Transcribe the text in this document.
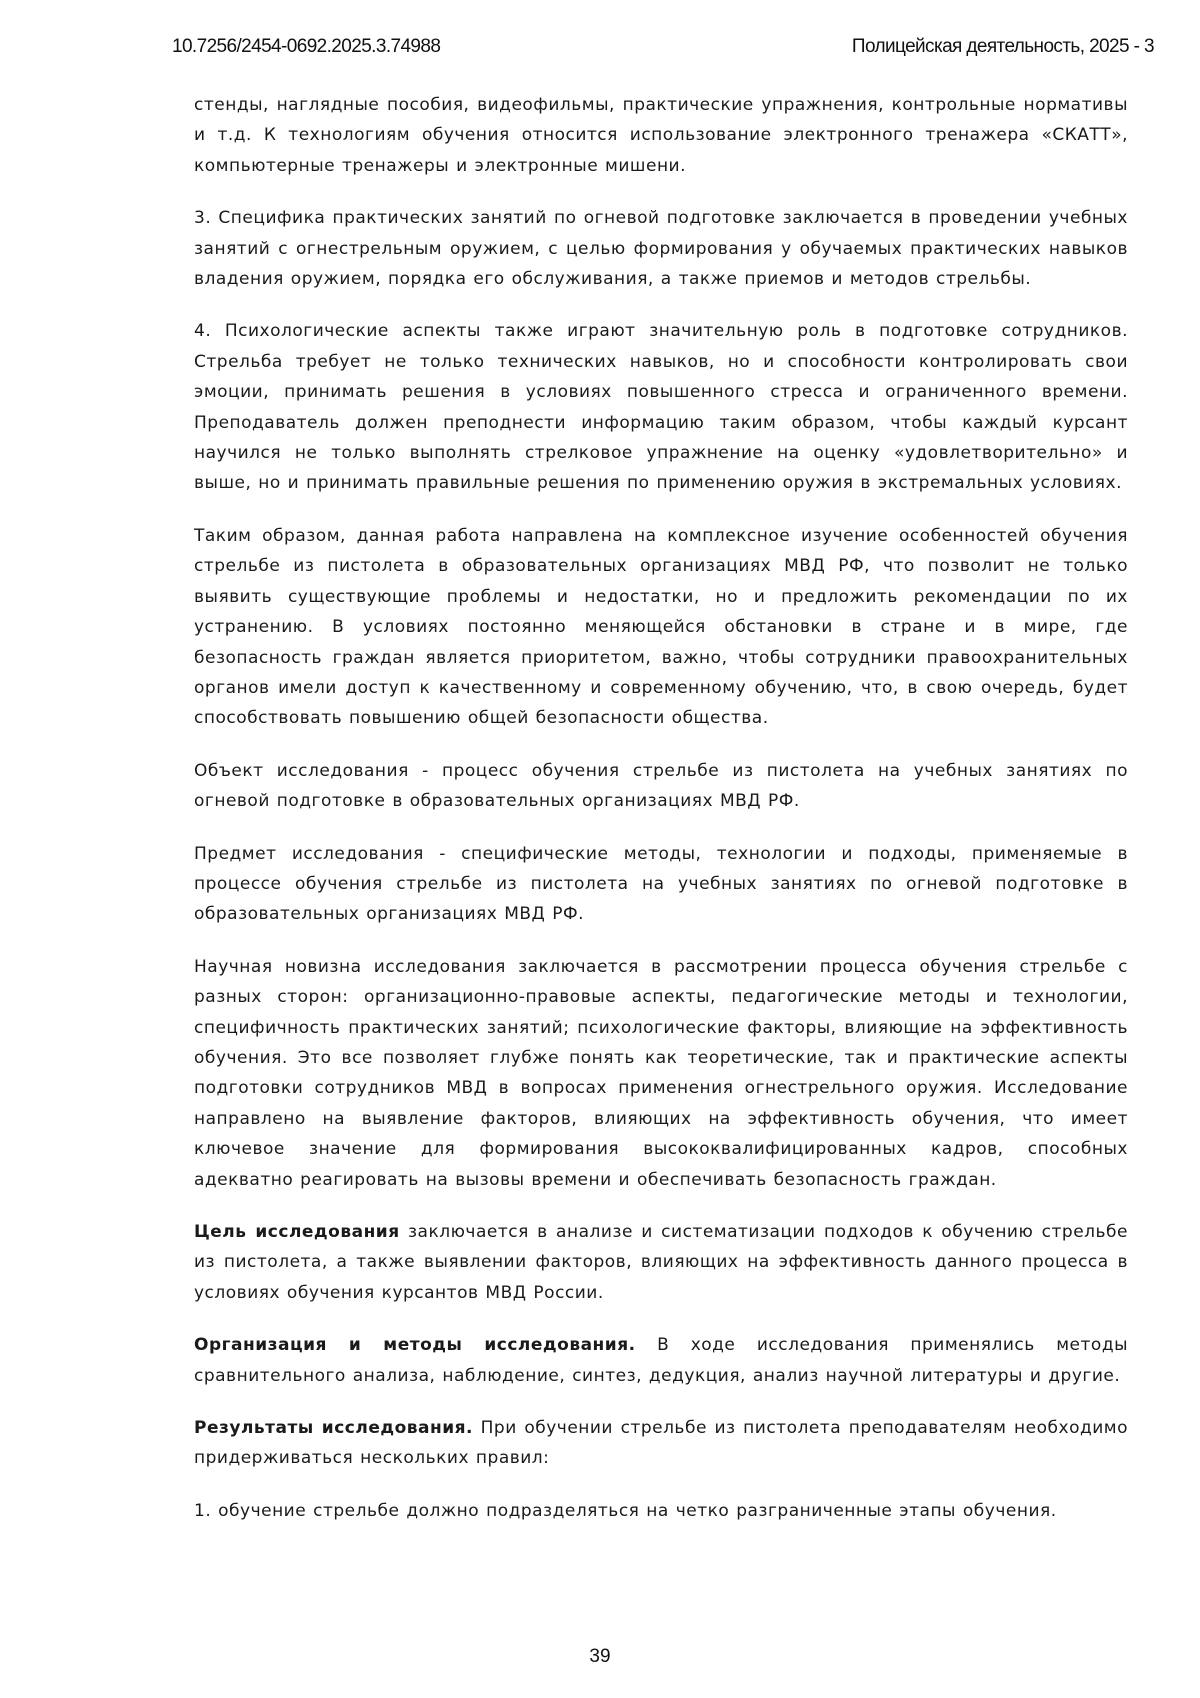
10.7256/2454-0692.2025.3.74988	Полицейская деятельность, 2025 - 3

стенды, наглядные пособия, видеофильмы, практические упражнения, контрольные нормативы и т.д. К технологиям обучения относится использование электронного тренажера «СКАТТ», компьютерные тренажеры и электронные мишени.

3. Специфика практических занятий по огневой подготовке заключается в проведении учебных занятий с огнестрельным оружием, с целью формирования у обучаемых практических навыков владения оружием, порядка его обслуживания, а также приемов и методов стрельбы.

4. Психологические аспекты также играют значительную роль в подготовке сотрудников. Стрельба требует не только технических навыков, но и способности контролировать свои эмоции, принимать решения в условиях повышенного стресса и ограниченного времени. Преподаватель должен преподнести информацию таким образом, чтобы каждый курсант научился не только выполнять стрелковое упражнение на оценку «удовлетворительно» и выше, но и принимать правильные решения по применению оружия в экстремальных условиях.

Таким образом, данная работа направлена на комплексное изучение особенностей обучения стрельбе из пистолета в образовательных организациях МВД РФ, что позволит не только выявить существующие проблемы и недостатки, но и предложить рекомендации по их устранению. В условиях постоянно меняющейся обстановки в стране и в мире, где безопасность граждан является приоритетом, важно, чтобы сотрудники правоохранительных органов имели доступ к качественному и современному обучению, что, в свою очередь, будет способствовать повышению общей безопасности общества.

Объект исследования - процесс обучения стрельбе из пистолета на учебных занятиях по огневой подготовке в образовательных организациях МВД РФ.

Предмет исследования - специфические методы, технологии и подходы, применяемые в процессе обучения стрельбе из пистолета на учебных занятиях по огневой подготовке в образовательных организациях МВД РФ.

Научная новизна исследования заключается в рассмотрении процесса обучения стрельбе с разных сторон: организационно-правовые аспекты, педагогические методы и технологии, специфичность практических занятий; психологические факторы, влияющие на эффективность обучения. Это все позволяет глубже понять как теоретические, так и практические аспекты подготовки сотрудников МВД в вопросах применения огнестрельного оружия. Исследование направлено на выявление факторов, влияющих на эффективность обучения, что имеет ключевое значение для формирования высококвалифицированных кадров, способных адекватно реагировать на вызовы времени и обеспечивать безопасность граждан.

Цель исследования заключается в анализе и систематизации подходов к обучению стрельбе из пистолета, а также выявлении факторов, влияющих на эффективность данного процесса в условиях обучения курсантов МВД России.

Организация и методы исследования. В ходе исследования применялись методы сравнительного анализа, наблюдение, синтез, дедукция, анализ научной литературы и другие.

Результаты исследования. При обучении стрельбе из пистолета преподавателям необходимо придерживаться нескольких правил:

1. обучение стрельбе должно подразделяться на четко разграниченные этапы обучения.

39
